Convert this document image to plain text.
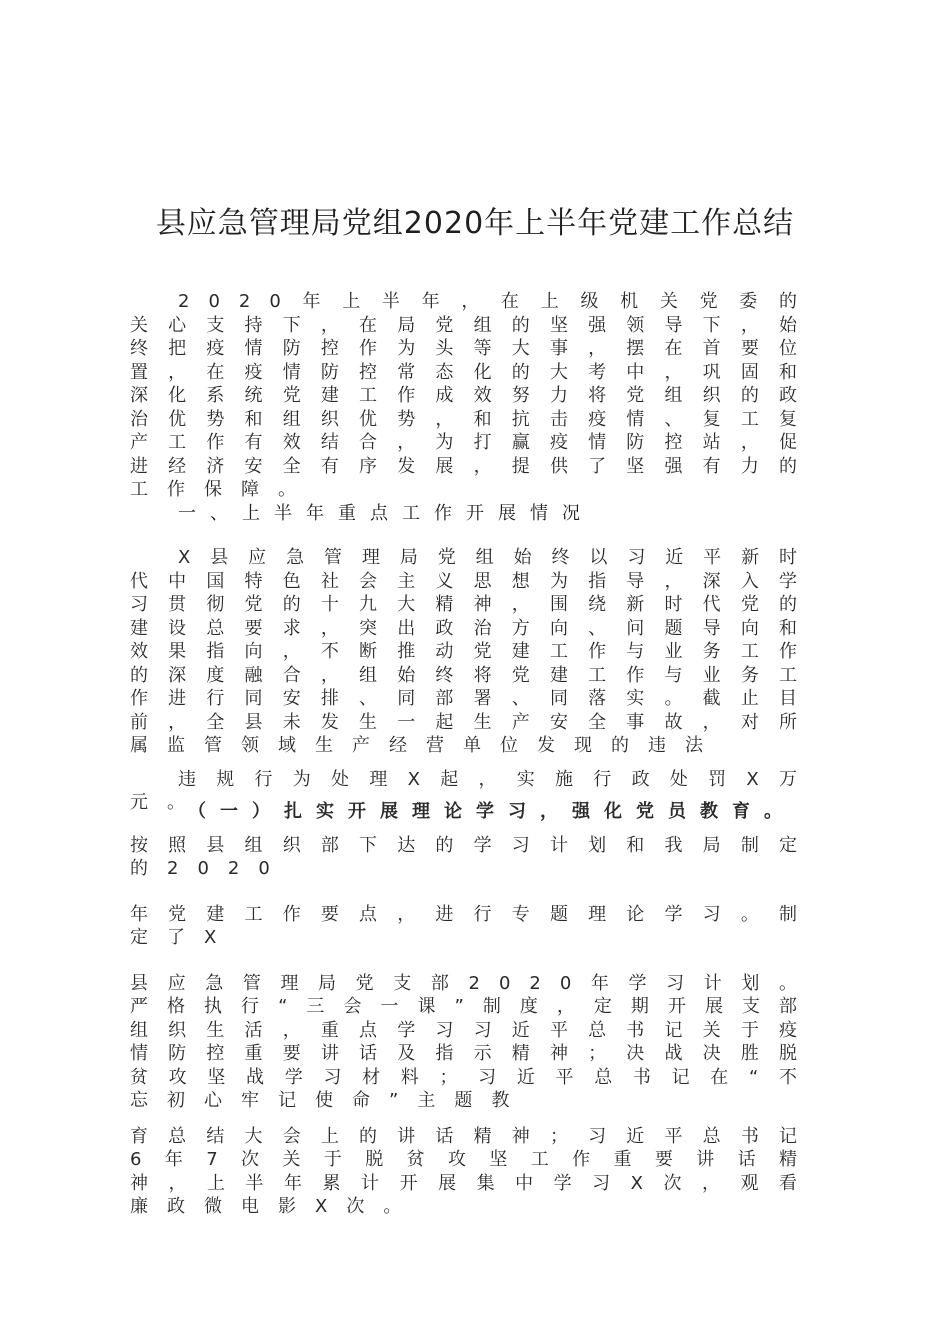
县应急管理局党组2020年上半年党建工作总结

2020年上半年，在上级机关党委的关心支持下，在局党组的坚强领导下，始终把疫情防控作为头等大事，摆在首要位置，在疫情防控常态化的大考中，巩固和深化系统党建工作成效努力将党组织的政治优势和组织优势，和抗击疫情、复工复产工作有效结合，为打赢疫情防控站，促进经济安全有序发展，提供了坚强有力的工作保障。

一、上半年重点工作开展情况
X县应急管理局党组始终以习近平新时代中国特色社会主义思想为指导，深入学习贯彻党的十九大精神，围绕新时代党的建设总要求，突出政治方向、问题导向和效果指向，不断推动党建工作与业务工作的深度融合，组始终将党建工作与业务工作进行同安排、同部署、同落实。截止目前，全县未发生一起生产安全事故，对所属监管领域生产经营单位发现的违法
违规行为处理X起，实施行政处罚X万元。
（一）扎实开展理论学习，强化党员教育。
按照县组织部下达的学习计划和我局制定的2020
年党建工作要点，进行专题理论学习。制定了X
县应急管理局党支部2020年学习计划。严格执行“三会一课”制度，定期开展支部组织生活，重点学习习近平总书记关于疫情防控重要讲话及指示精神；决战决胜脱贫攻坚战学习材料；习近平总书记在“不忘初心牢记使命”主题教
育总结大会上的讲话精神；习近平总书记6年7次关于脱贫攻坚工作重要讲话精神，上半年累计开展集中学习X次，观看廉政微电影X次。
